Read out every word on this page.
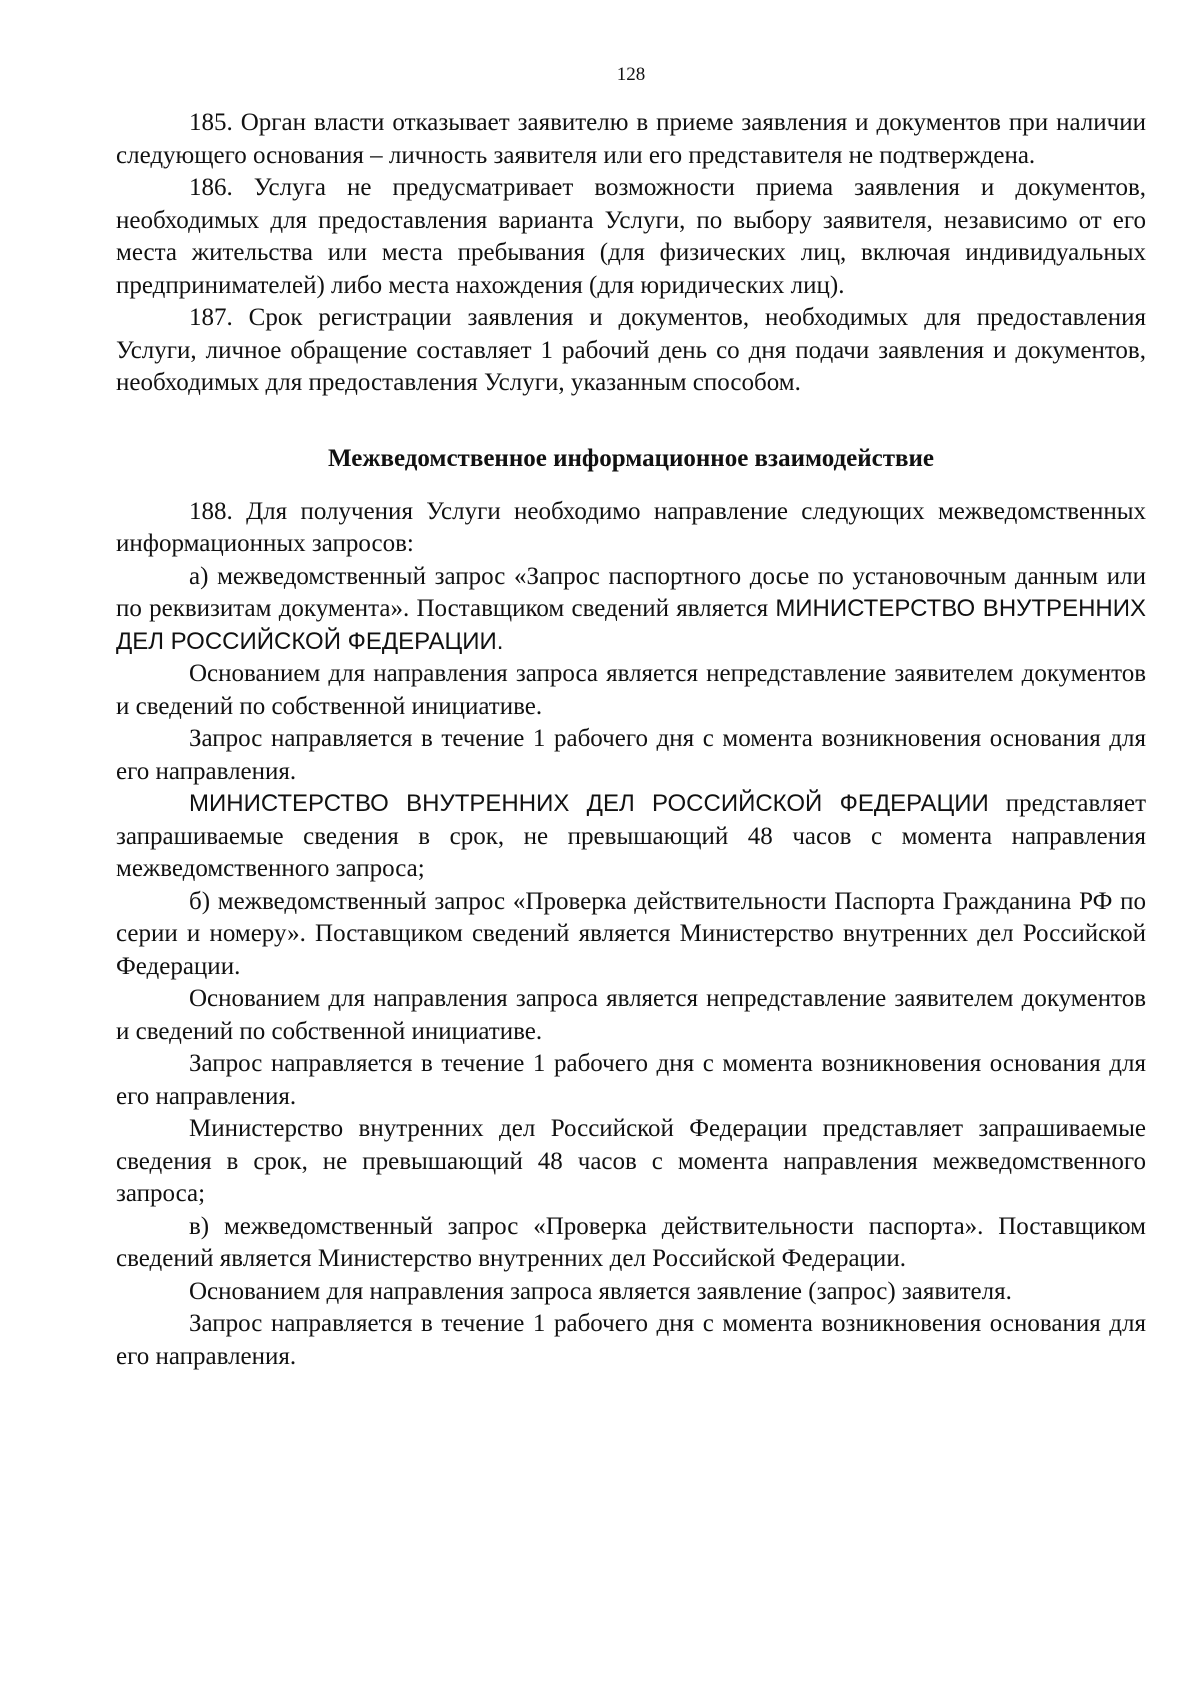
128

185. Орган власти отказывает заявителю в приеме заявления и документов при наличии следующего основания – личность заявителя или его представителя не подтверждена.

186. Услуга не предусматривает возможности приема заявления и документов, необходимых для предоставления варианта Услуги, по выбору заявителя, независимо от его места жительства или места пребывания (для физических лиц, включая индивидуальных предпринимателей) либо места нахождения (для юридических лиц).

187. Срок регистрации заявления и документов, необходимых для предоставления Услуги, личное обращение составляет 1 рабочий день со дня подачи заявления и документов, необходимых для предоставления Услуги, указанным способом.

Межведомственное информационное взаимодействие

188. Для получения Услуги необходимо направление следующих межведомственных информационных запросов:

а) межведомственный запрос «Запрос паспортного досье по установочным данным или по реквизитам документа». Поставщиком сведений является МИНИСТЕРСТВО ВНУТРЕННИХ ДЕЛ РОССИЙСКОЙ ФЕДЕРАЦИИ.

Основанием для направления запроса является непредставление заявителем документов и сведений по собственной инициативе.

Запрос направляется в течение 1 рабочего дня с момента возникновения основания для его направления.

МИНИСТЕРСТВО ВНУТРЕННИХ ДЕЛ РОССИЙСКОЙ ФЕДЕРАЦИИ представляет запрашиваемые сведения в срок, не превышающий 48 часов с момента направления межведомственного запроса;

б) межведомственный запрос «Проверка действительности Паспорта Гражданина РФ по серии и номеру». Поставщиком сведений является Министерство внутренних дел Российской Федерации.

Основанием для направления запроса является непредставление заявителем документов и сведений по собственной инициативе.

Запрос направляется в течение 1 рабочего дня с момента возникновения основания для его направления.

Министерство внутренних дел Российской Федерации представляет запрашиваемые сведения в срок, не превышающий 48 часов с момента направления межведомственного запроса;

в) межведомственный запрос «Проверка действительности паспорта». Поставщиком сведений является Министерство внутренних дел Российской Федерации.

Основанием для направления запроса является заявление (запрос) заявителя.

Запрос направляется в течение 1 рабочего дня с момента возникновения основания для его направления.
